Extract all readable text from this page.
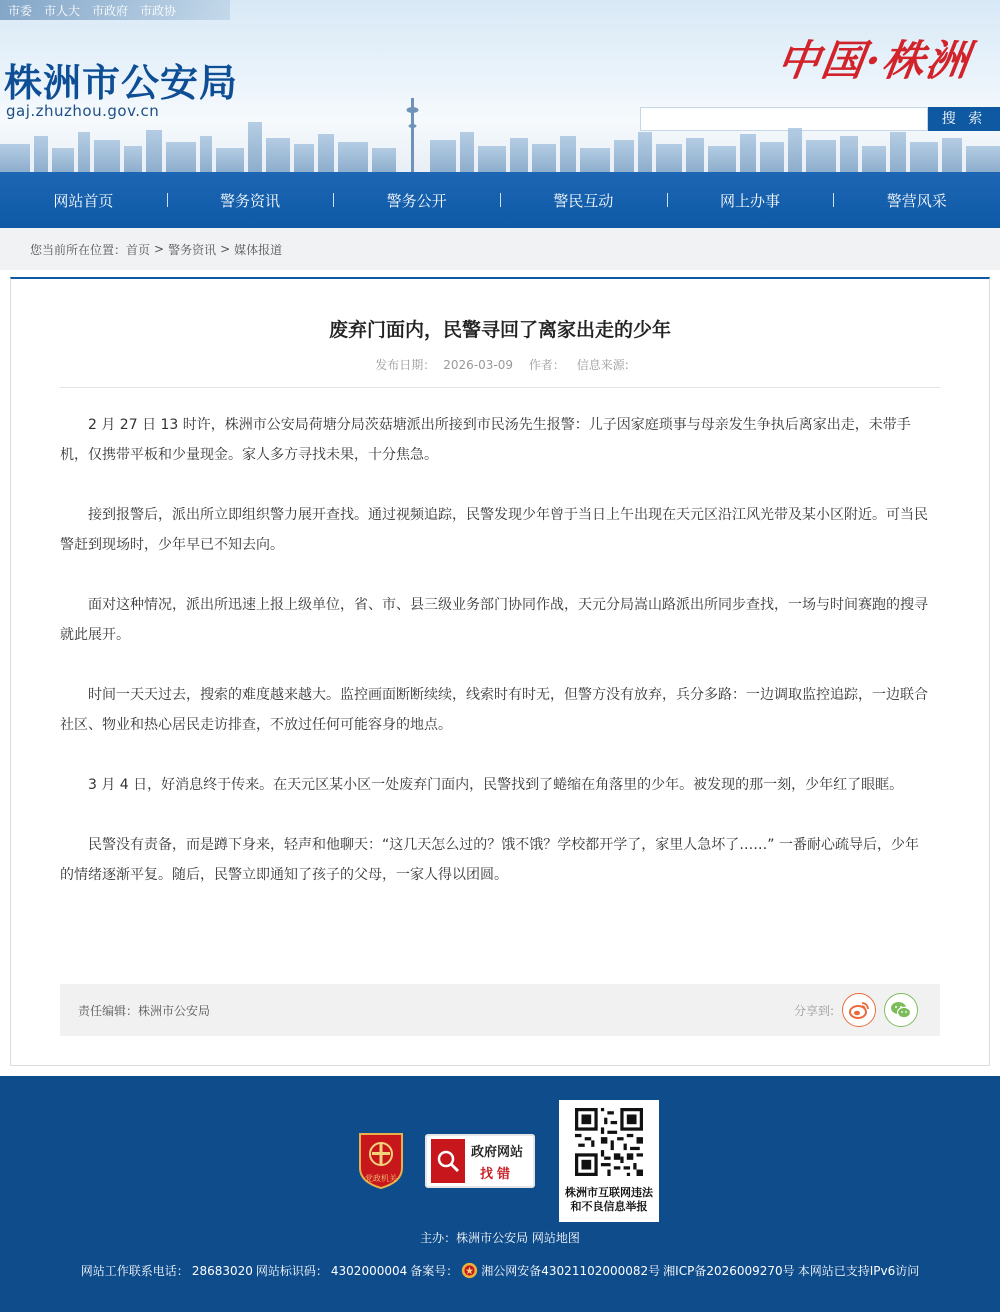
市委 市人大 市政府 市政协
株洲市公安局
gaj.zhuzhou.gov.cn
中国·株洲
搜 索
网站首页	警务资讯	警务公开	警民互动	网上办事	警营风采
您当前所在位置： 首页 > 警务资讯 > 媒体报道
废弃门面内，民警寻回了离家出走的少年
发布日期： 2026-03-09 作者： 信息来源:

2 月 27 日 13 时许，株洲市公安局荷塘分局茨菇塘派出所接到市民汤先生报警：儿子因家庭琐事与母亲发生争执后离家出走，未带手机，仅携带平板和少量现金。家人多方寻找未果，十分焦急。

接到报警后，派出所立即组织警力展开查找。通过视频追踪，民警发现少年曾于当日上午出现在天元区沿江风光带及某小区附近。可当民警赶到现场时，少年早已不知去向。

面对这种情况，派出所迅速上报上级单位，省、市、县三级业务部门协同作战，天元分局嵩山路派出所同步查找，一场与时间赛跑的搜寻就此展开。

时间一天天过去，搜索的难度越来越大。监控画面断断续续，线索时有时无，但警方没有放弃，兵分多路：一边调取监控追踪，一边联合社区、物业和热心居民走访排查，不放过任何可能容身的地点。

3 月 4 日，好消息终于传来。在天元区某小区一处废弃门面内，民警找到了蜷缩在角落里的少年。被发现的那一刻，少年红了眼眶。

民警没有责备，而是蹲下身来，轻声和他聊天：“这几天怎么过的？饿不饿？学校都开学了，家里人急坏了……” 一番耐心疏导后，少年的情绪逐渐平复。随后，民警立即通知了孩子的父母，一家人得以团圆。

责任编辑： 株洲市公安局	分享到:
党政机关
政府网站
找错
株洲市互联网违法
和不良信息举报
主办：株洲市公安局 网站地图
网站工作联系电话： 28683020 网站标识码： 4302000004 备案号： 湘公网安备43021102000082号 湘ICP备2026009270号 本网站已支持IPv6访问
